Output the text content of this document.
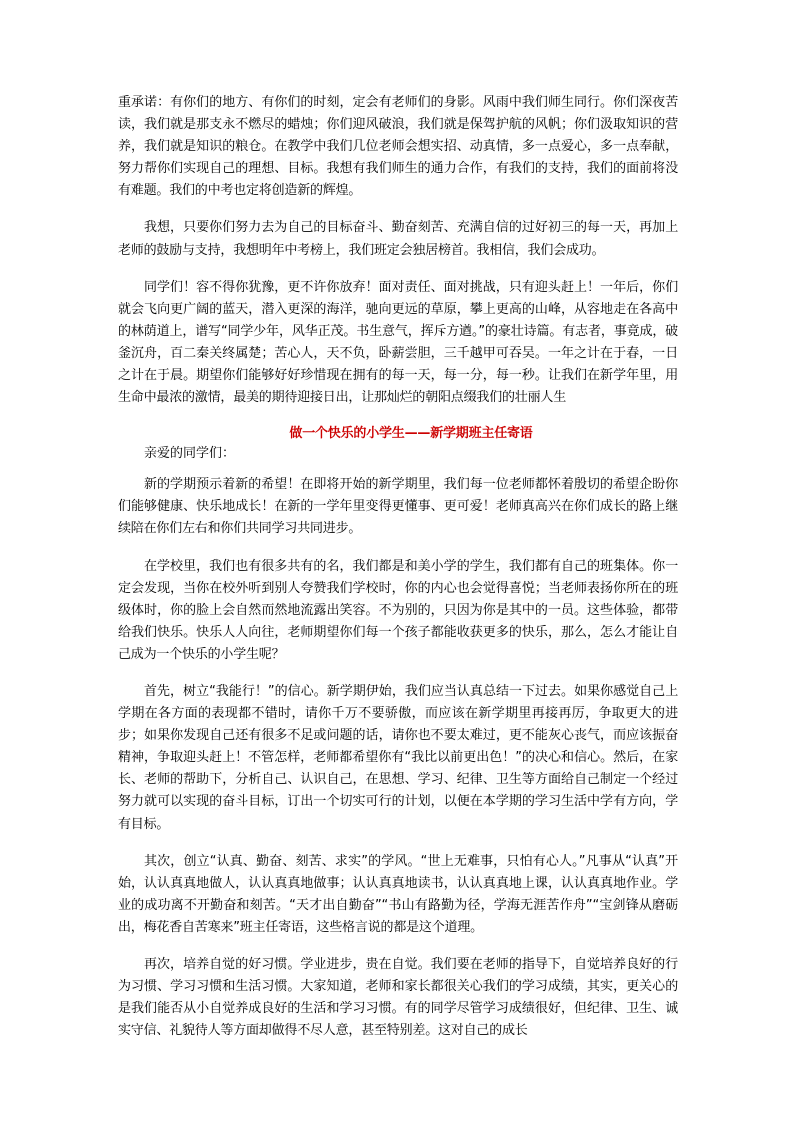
重承诺：有你们的地方、有你们的时刻，定会有老师们的身影。风雨中我们师生同行。你们深夜苦读，我们就是那支永不燃尽的蜡烛；你们迎风破浪，我们就是保驾护航的风帆；你们汲取知识的营养，我们就是知识的粮仓。在教学中我们几位老师会想实招、动真情，多一点爱心，多一点奉献，努力帮你们实现自己的理想、目标。我想有我们师生的通力合作，有我们的支持，我们的面前将没有难题。我们的中考也定将创造新的辉煌。

我想，只要你们努力去为自己的目标奋斗、勤奋刻苦、充满自信的过好初三的每一天，再加上老师的鼓励与支持，我想明年中考榜上，我们班定会独居榜首。我相信，我们会成功。

同学们！容不得你犹豫，更不许你放弃！面对责任、面对挑战，只有迎头赶上！一年后，你们就会飞向更广阔的蓝天，潜入更深的海洋，驰向更远的草原，攀上更高的山峰，从容地走在各高中的林荫道上，谱写“同学少年，风华正茂。书生意气，挥斥方遒。”的豪壮诗篇。有志者，事竟成，破釜沉舟，百二秦关终属楚；苦心人，天不负，卧薪尝胆，三千越甲可吞吴。一年之计在于春，一日之计在于晨。期望你们能够好好珍惜现在拥有的每一天，每一分，每一秒。让我们在新学年里，用生命中最浓的激情，最美的期待迎接日出，让那灿烂的朝阳点缀我们的壮丽人生

做一个快乐的小学生——新学期班主任寄语

亲爱的同学们：

新的学期预示着新的希望！在即将开始的新学期里，我们每一位老师都怀着殷切的希望企盼你们能够健康、快乐地成长！在新的一学年里变得更懂事、更可爱！老师真高兴在你们成长的路上继续陪在你们左右和你们共同学习共同进步。

在学校里，我们也有很多共有的名，我们都是和美小学的学生，我们都有自己的班集体。你一定会发现，当你在校外听到别人夸赞我们学校时，你的内心也会觉得喜悦；当老师表扬你所在的班级体时，你的脸上会自然而然地流露出笑容。不为别的，只因为你是其中的一员。这些体验，都带给我们快乐。快乐人人向往，老师期望你们每一个孩子都能收获更多的快乐，那么，怎么才能让自己成为一个快乐的小学生呢？

首先，树立“我能行！”的信心。新学期伊始，我们应当认真总结一下过去。如果你感觉自己上学期在各方面的表现都不错时，请你千万不要骄傲，而应该在新学期里再接再厉，争取更大的进步；如果你发现自己还有很多不足或问题的话，请你也不要太难过，更不能灰心丧气，而应该振奋精神，争取迎头赶上！不管怎样，老师都希望你有“我比以前更出色！”的决心和信心。然后，在家长、老师的帮助下，分析自己、认识自己，在思想、学习、纪律、卫生等方面给自己制定一个经过努力就可以实现的奋斗目标，订出一个切实可行的计划，以便在本学期的学习生活中学有方向，学有目标。

其次，创立“认真、勤奋、刻苦、求实”的学风。“世上无难事，只怕有心人。”凡事从“认真”开始，认认真真地做人，认认真真地做事；认认真真地读书，认认真真地上课，认认真真地作业。学业的成功离不开勤奋和刻苦。“天才出自勤奋”“书山有路勤为径，学海无涯苦作舟”“宝剑锋从磨砺出，梅花香自苦寒来”班主任寄语，这些格言说的都是这个道理。

再次，培养自觉的好习惯。学业进步，贵在自觉。我们要在老师的指导下，自觉培养良好的行为习惯、学习习惯和生活习惯。大家知道，老师和家长都很关心我们的学习成绩，其实，更关心的是我们能否从小自觉养成良好的生活和学习习惯。有的同学尽管学习成绩很好，但纪律、卫生、诚实守信、礼貌待人等方面却做得不尽人意，甚至特别差。这对自己的成长
